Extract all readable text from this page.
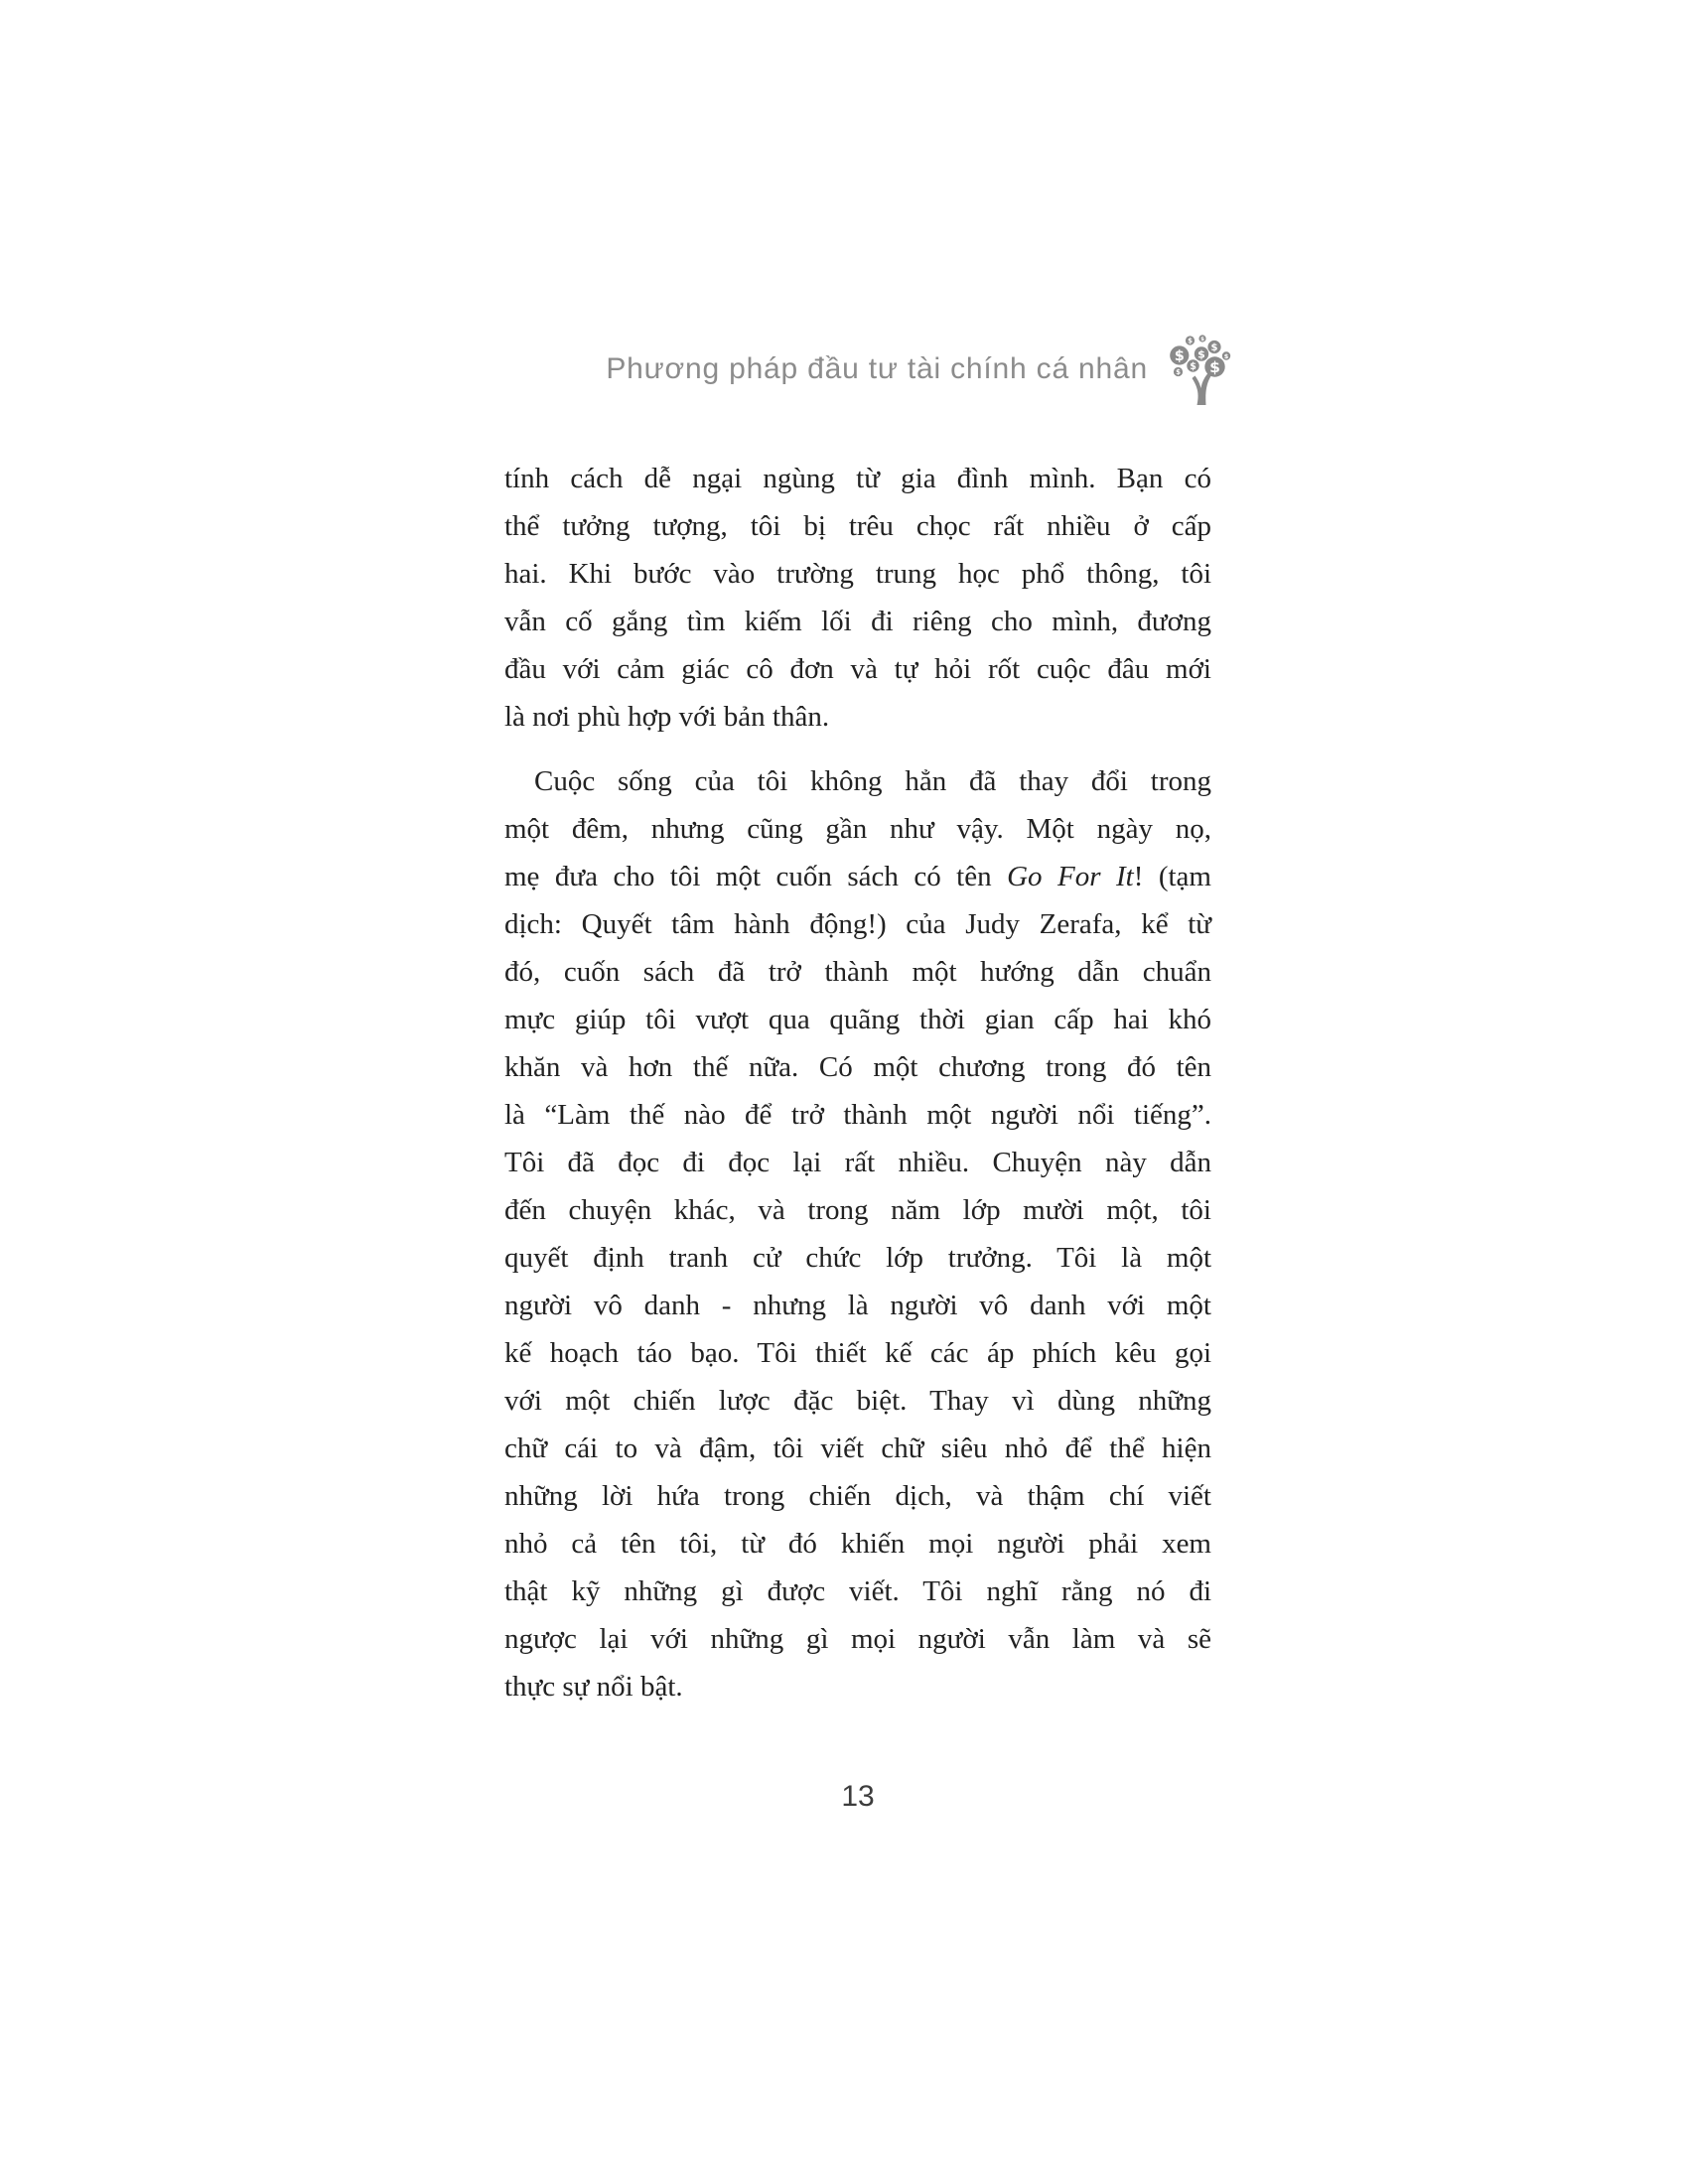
Phương pháp đầu tư tài chính cá nhân
$ $
$ $ $
$
$
$
$
tính cách dễ ngại ngùng từ gia đình mình. Bạn có
thể tưởng tượng, tôi bị trêu chọc rất nhiều ở cấp
hai. Khi bước vào trường trung học phổ thông, tôi
vẫn cố gắng tìm kiếm lối đi riêng cho mình, đương
đầu với cảm giác cô đơn và tự hỏi rốt cuộc đâu mới
là nơi phù hợp với bản thân.
Cuộc sống của tôi không hẳn đã thay đổi trong
một đêm, nhưng cũng gần như vậy. Một ngày nọ,
mẹ đưa cho tôi một cuốn sách có tên Go For It! (tạm
dịch: Quyết tâm hành động!) của Judy Zerafa, kể từ
đó, cuốn sách đã trở thành một hướng dẫn chuẩn
mực giúp tôi vượt qua quãng thời gian cấp hai khó
khăn và hơn thế nữa. Có một chương trong đó tên
là “Làm thế nào để trở thành một người nổi tiếng”.
Tôi đã đọc đi đọc lại rất nhiều. Chuyện này dẫn
đến chuyện khác, và trong năm lớp mười một, tôi
quyết định tranh cử chức lớp trưởng. Tôi là một
người vô danh - nhưng là người vô danh với một
kế hoạch táo bạo. Tôi thiết kế các áp phích kêu gọi
với một chiến lược đặc biệt. Thay vì dùng những
chữ cái to và đậm, tôi viết chữ siêu nhỏ để thể hiện
những lời hứa trong chiến dịch, và thậm chí viết
nhỏ cả tên tôi, từ đó khiến mọi người phải xem
thật kỹ những gì được viết. Tôi nghĩ rằng nó đi
ngược lại với những gì mọi người vẫn làm và sẽ
thực sự nổi bật.
13
